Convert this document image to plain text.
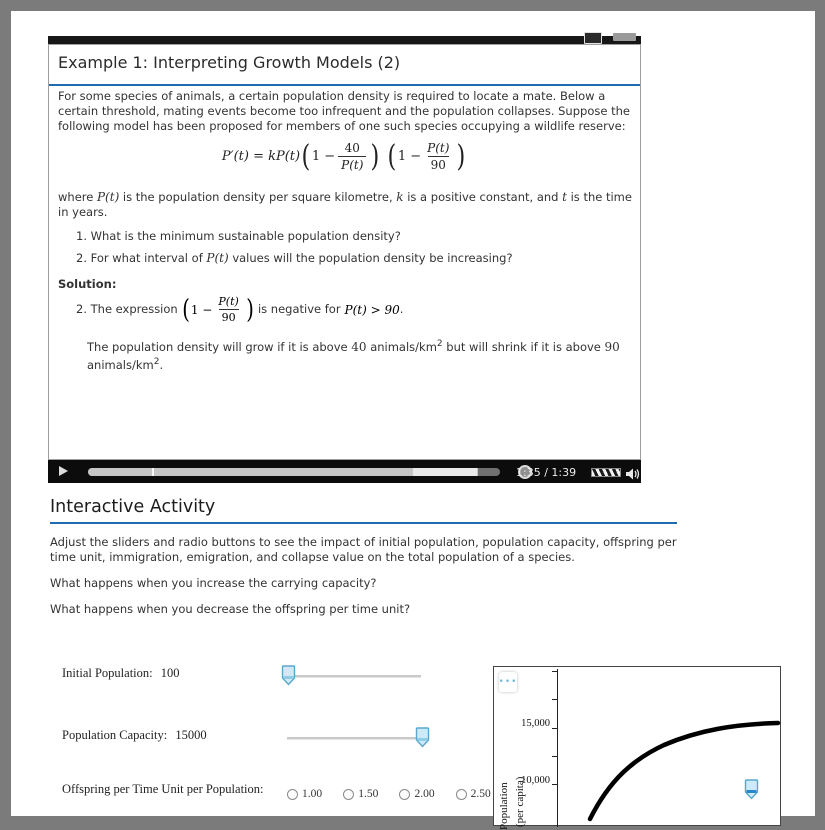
Example 1: Interpreting Growth Models (2)
For some species of animals, a certain population density is required to locate a mate. Below a certain threshold, mating events become too infrequent and the population collapses. Suppose the following model has been proposed for members of one such species occupying a wildlife reserve:
P′(t) = kP(t) ( $1 - \frac{40}{P(t)}$ ) ( $1 - \frac{P(t)}{90}$ )
where P(t) is the population density per square kilometre, k is a positive constant, and t is the time in years.
1. What is the minimum sustainable population density?
2. For what interval of P(t) values will the population density be increasing?
Solution:
2. The expression ( $1 - \frac{P(t)}{90}$ ) is negative for P(t) > 90 .
The population density will grow if it is above 40 animals/$km^2$ but will shrink if it is above 90 animals/$km^2$.
1:35 / 1:39
Interactive Activity
Adjust the sliders and radio buttons to see the impact of initial population, population capacity, offspring per time unit, immigration, emigration, and collapse value on the total population of a species.
What happens when you increase the carrying capacity?
What happens when you decrease the offspring per time unit?
Initial Population: 100
Population Capacity: 15000
Offspring per Time Unit per Population:	1.00	1.50	2.00	2.50
•••
15,000
10,000
Population (per capita)
